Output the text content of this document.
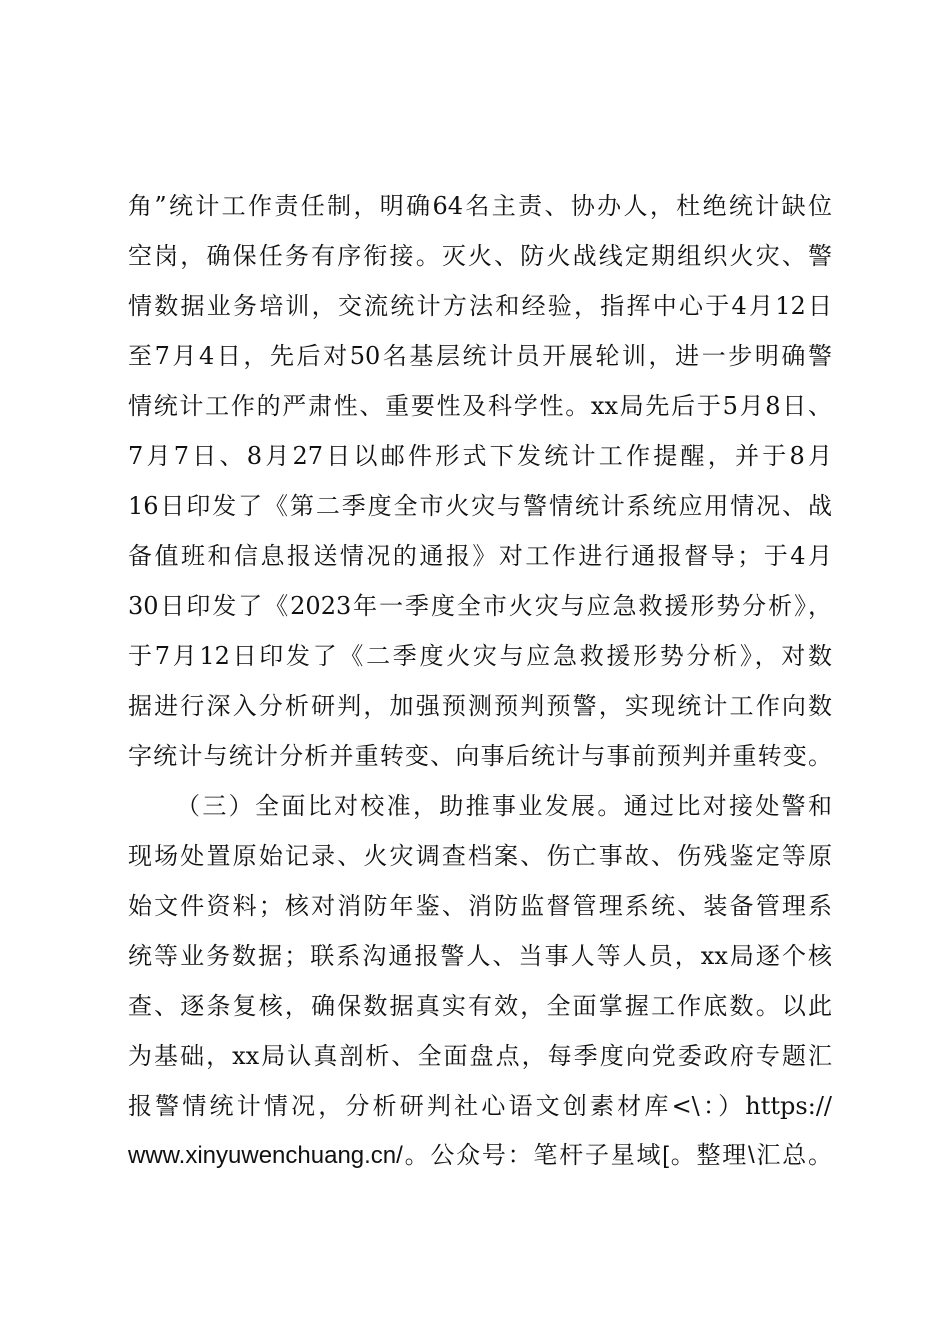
角”统计工作责任制，明确64名主责、协办人，杜绝统计缺位
空岗，确保任务有序衔接。灭火、防火战线定期组织火灾、警
情数据业务培训，交流统计方法和经验，指挥中心于4月12日
至7月4日，先后对50名基层统计员开展轮训，进一步明确警
情统计工作的严肃性、重要性及科学性。xx局先后于5月8日、
7月7日、8月27日以邮件形式下发统计工作提醒，并于8月
16日印发了《第二季度全市火灾与警情统计系统应用情况、战
备值班和信息报送情况的通报》对工作进行通报督导；于4月
30日印发了《2023年一季度全市火灾与应急救援形势分析》，
于7月12日印发了《二季度火灾与应急救援形势分析》，对数
据进行深入分析研判，加强预测预判预警，实现统计工作向数
字统计与统计分析并重转变、向事后统计与事前预判并重转变。
（三）全面比对校准，助推事业发展。通过比对接处警和
现场处置原始记录、火灾调查档案、伤亡事故、伤残鉴定等原
始文件资料；核对消防年鉴、消防监督管理系统、装备管理系
统等业务数据；联系沟通报警人、当事人等人员，xx局逐个核
查、逐条复核，确保数据真实有效，全面掌握工作底数。以此
为基础，xx局认真剖析、全面盘点，每季度向党委政府专题汇
报警情统计情况，分析研判社心语文创素材库<\：）https://
www.xinyuwenchuang.cn/。公众号：笔杆子星域[。整理\汇总。
